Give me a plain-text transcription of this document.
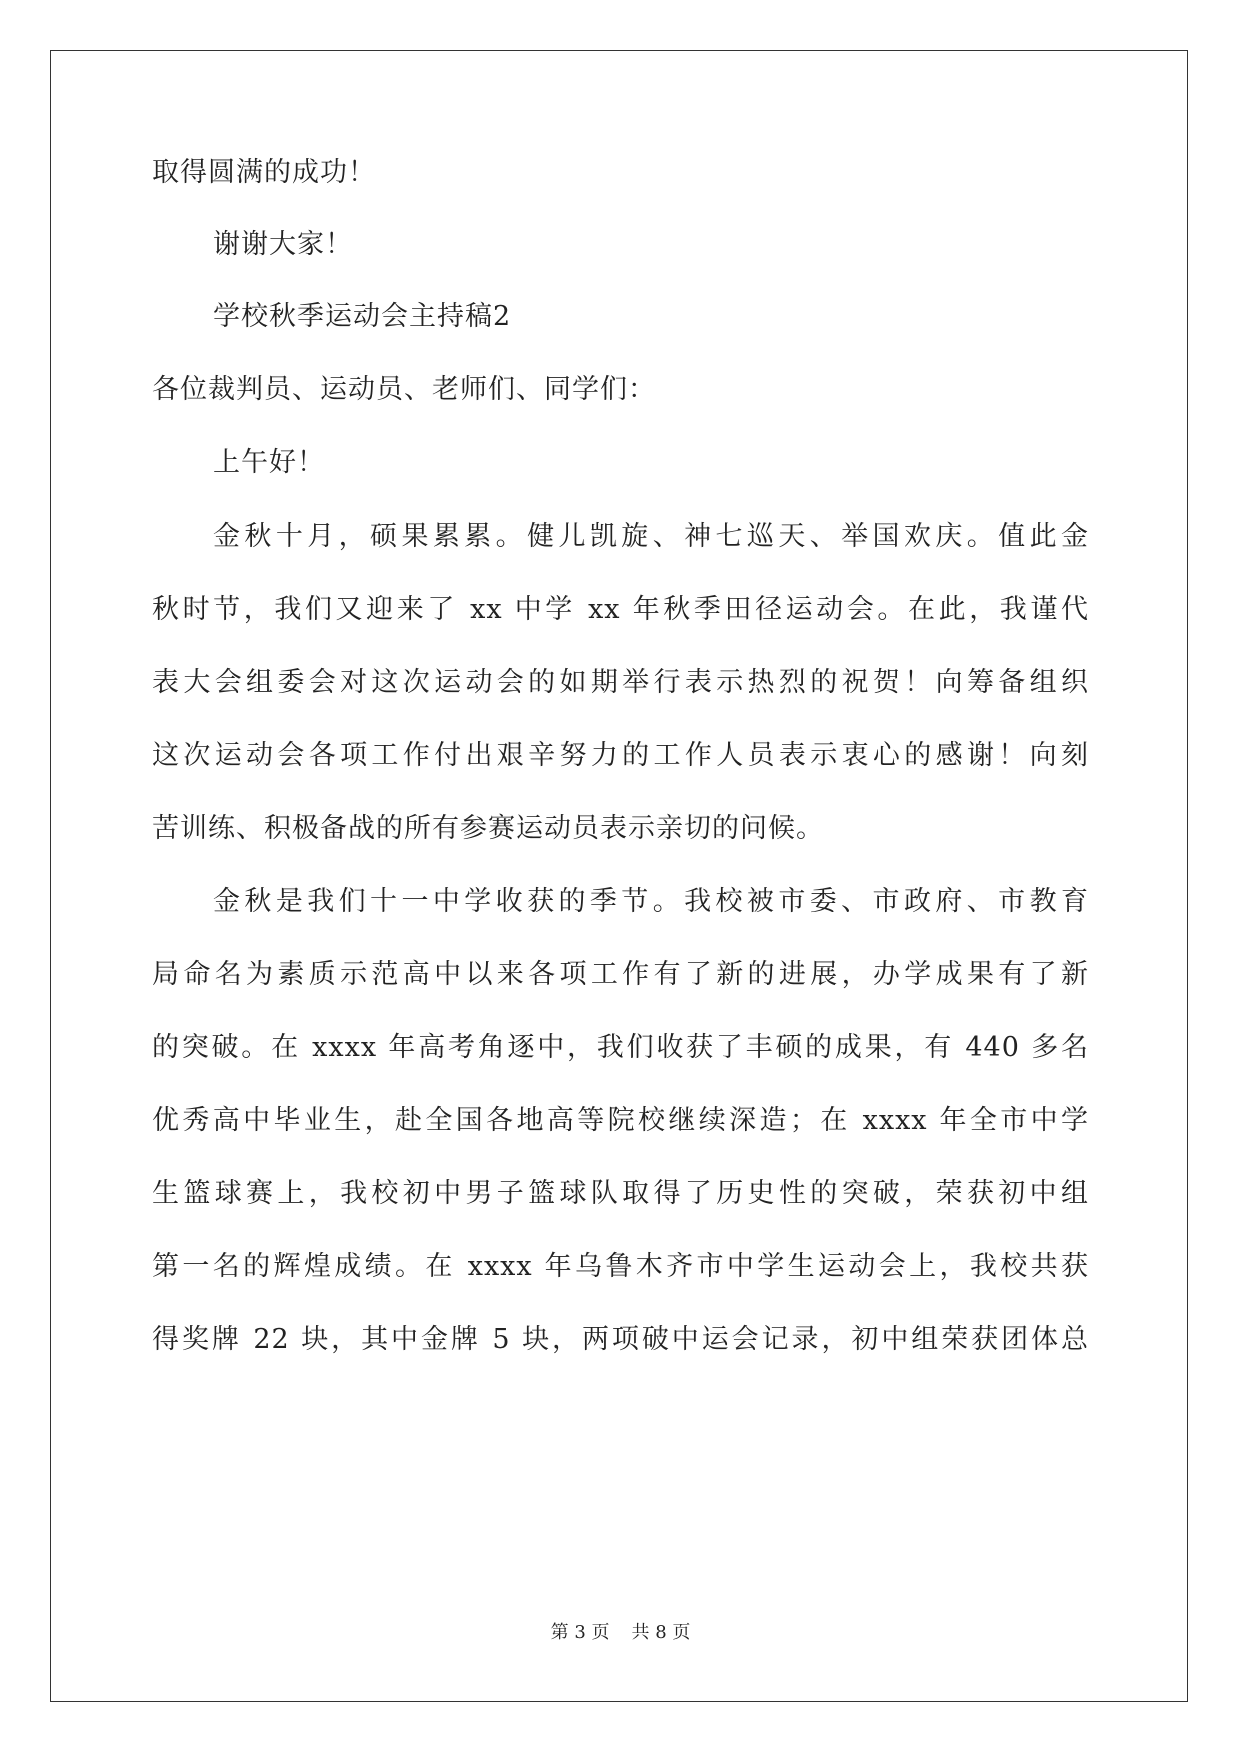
取得圆满的成功！
谢谢大家！
学校秋季运动会主持稿2
各位裁判员、运动员、老师们、同学们：
上午好！
金秋十月，硕果累累。健儿凯旋、神七巡天、举国欢庆。值此金
秋时节，我们又迎来了 xx 中学 xx 年秋季田径运动会。在此，我谨代
表大会组委会对这次运动会的如期举行表示热烈的祝贺！向筹备组织
这次运动会各项工作付出艰辛努力的工作人员表示衷心的感谢！向刻
苦训练、积极备战的所有参赛运动员表示亲切的问候。
金秋是我们十一中学收获的季节。我校被市委、市政府、市教育
局命名为素质示范高中以来各项工作有了新的进展，办学成果有了新
的突破。在 xxxx 年高考角逐中，我们收获了丰硕的成果，有 440 多名
优秀高中毕业生，赴全国各地高等院校继续深造；在 xxxx 年全市中学
生篮球赛上，我校初中男子篮球队取得了历史性的突破，荣获初中组
第一名的辉煌成绩。在 xxxx 年乌鲁木齐市中学生运动会上，我校共获
得奖牌 22 块，其中金牌 5 块，两项破中运会记录，初中组荣获团体总
第 3 页 共 8 页
